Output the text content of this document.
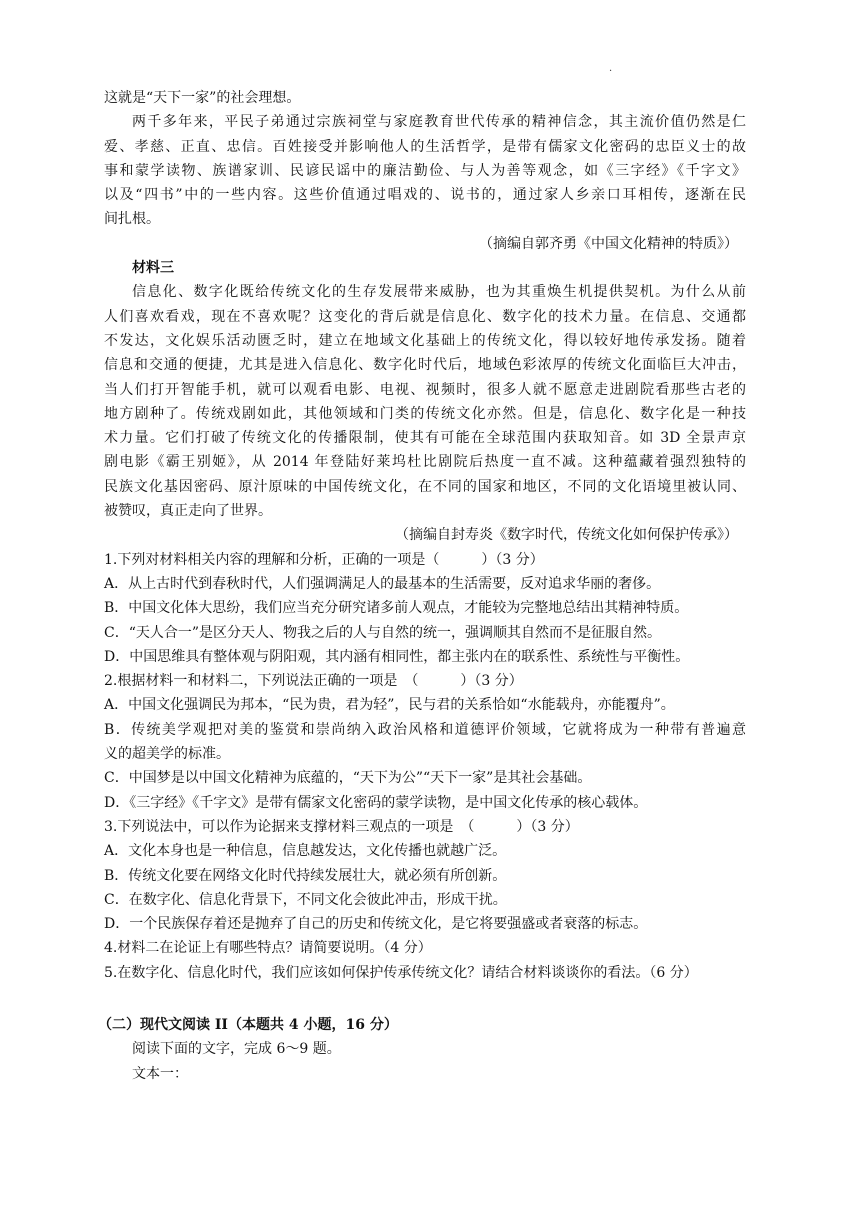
·

这就是“天下一家”的社会理想。

两千多年来，平民子弟通过宗族祠堂与家庭教育世代传承的精神信念，其主流价值仍然是仁

爱、孝慈、正直、忠信。百姓接受并影响他人的生活哲学，是带有儒家文化密码的忠臣义士的故

事和蒙学读物、族谱家训、民谚民谣中的廉洁勤俭、与人为善等观念，如《三字经》《千字文》

以及“四书”中的一些内容。这些价值通过唱戏的、说书的，通过家人乡亲口耳相传，逐渐在民

间扎根。

（摘编自郭齐勇《中国文化精神的特质》）

材料三

信息化、数字化既给传统文化的生存发展带来威胁，也为其重焕生机提供契机。为什么从前

人们喜欢看戏，现在不喜欢呢？这变化的背后就是信息化、数字化的技术力量。在信息、交通都

不发达，文化娱乐活动匮乏时，建立在地域文化基础上的传统文化，得以较好地传承发扬。随着

信息和交通的便捷，尤其是进入信息化、数字化时代后，地域色彩浓厚的传统文化面临巨大冲击，

当人们打开智能手机，就可以观看电影、电视、视频时，很多人就不愿意走进剧院看那些古老的

地方剧种了。传统戏剧如此，其他领域和门类的传统文化亦然。但是，信息化、数字化是一种技

术力量。它们打破了传统文化的传播限制，使其有可能在全球范围内获取知音。如 3D 全景声京

剧电影《霸王别姬》，从 2014 年登陆好莱坞杜比剧院后热度一直不减。这种蕴藏着强烈独特的

民族文化基因密码、原汁原味的中国传统文化，在不同的国家和地区，不同的文化语境里被认同、

被赞叹，真正走向了世界。

（摘编自封寿炎《数字时代，传统文化如何保护传承》）

1.下列对材料相关内容的理解和分析，正确的一项是（　　　）（3 分）

A．从上古时代到春秋时代，人们强调满足人的最基本的生活需要，反对追求华丽的奢侈。

B．中国文化体大思纷，我们应当充分研究诸多前人观点，才能较为完整地总结出其精神特质。

C．“天人合一”是区分天人、物我之后的人与自然的统一，强调顺其自然而不是征服自然。

D．中国思维具有整体观与阴阳观，其内涵有相同性，都主张内在的联系性、系统性与平衡性。

2.根据材料一和材料二，下列说法正确的一项是　（　　　）（3 分）

A．中国文化强调民为邦本，“民为贵，君为轻”，民与君的关系恰如“水能载舟，亦能覆舟”。

B．传统美学观把对美的鉴赏和崇尚纳入政治风格和道德评价领域，它就将成为一种带有普遍意

义的超美学的标准。

C．中国梦是以中国文化精神为底蕴的，“天下为公”“天下一家”是其社会基础。

D．《三字经》《千字文》是带有儒家文化密码的蒙学读物，是中国文化传承的核心载体。

3.下列说法中，可以作为论据来支撑材料三观点的一项是　（　　　）（3 分）

A．文化本身也是一种信息，信息越发达，文化传播也就越广泛。

B．传统文化要在网络文化时代持续发展壮大，就必须有所创新。

C．在数字化、信息化背景下，不同文化会彼此冲击，形成干扰。

D．一个民族保存着还是抛弃了自己的历史和传统文化，是它将要强盛或者衰落的标志。

4.材料二在论证上有哪些特点？请简要说明。（4 分）

5.在数字化、信息化时代，我们应该如何保护传承传统文化？请结合材料谈谈你的看法。（6 分）

（二）现代文阅读 II（本题共 4 小题，16 分）

阅读下面的文字，完成 6～9 题。

文本一：
